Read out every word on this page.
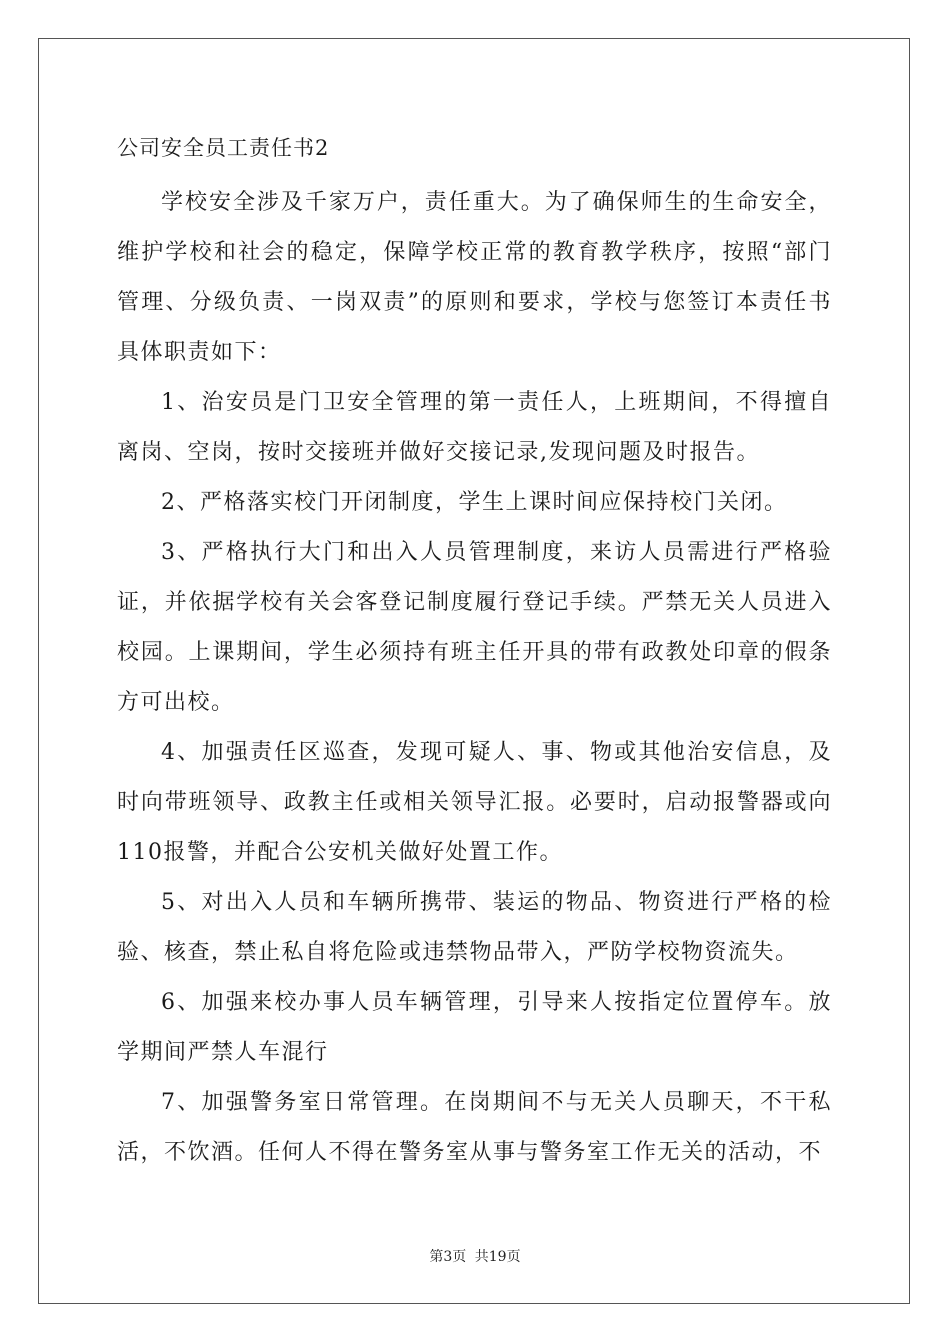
公司安全员工责任书2

学校安全涉及千家万户，责任重大。为了确保师生的生命安全，维护学校和社会的稳定，保障学校正常的教育教学秩序，按照“部门管理、分级负责、一岗双责”的原则和要求，学校与您签订本责任书具体职责如下：

1、治安员是门卫安全管理的第一责任人，上班期间，不得擅自离岗、空岗，按时交接班并做好交接记录,发现问题及时报告。

2、严格落实校门开闭制度，学生上课时间应保持校门关闭。

3、严格执行大门和出入人员管理制度，来访人员需进行严格验证，并依据学校有关会客登记制度履行登记手续。严禁无关人员进入校园。上课期间，学生必须持有班主任开具的带有政教处印章的假条方可出校。

4、加强责任区巡查，发现可疑人、事、物或其他治安信息，及时向带班领导、政教主任或相关领导汇报。必要时，启动报警器或向110报警，并配合公安机关做好处置工作。

5、对出入人员和车辆所携带、装运的物品、物资进行严格的检验、核查，禁止私自将危险或违禁物品带入，严防学校物资流失。

6、加强来校办事人员车辆管理，引导来人按指定位置停车。放学期间严禁人车混行

7、加强警务室日常管理。在岗期间不与无关人员聊天，不干私活，不饮酒。任何人不得在警务室从事与警务室工作无关的活动，不

第3页 共19页
